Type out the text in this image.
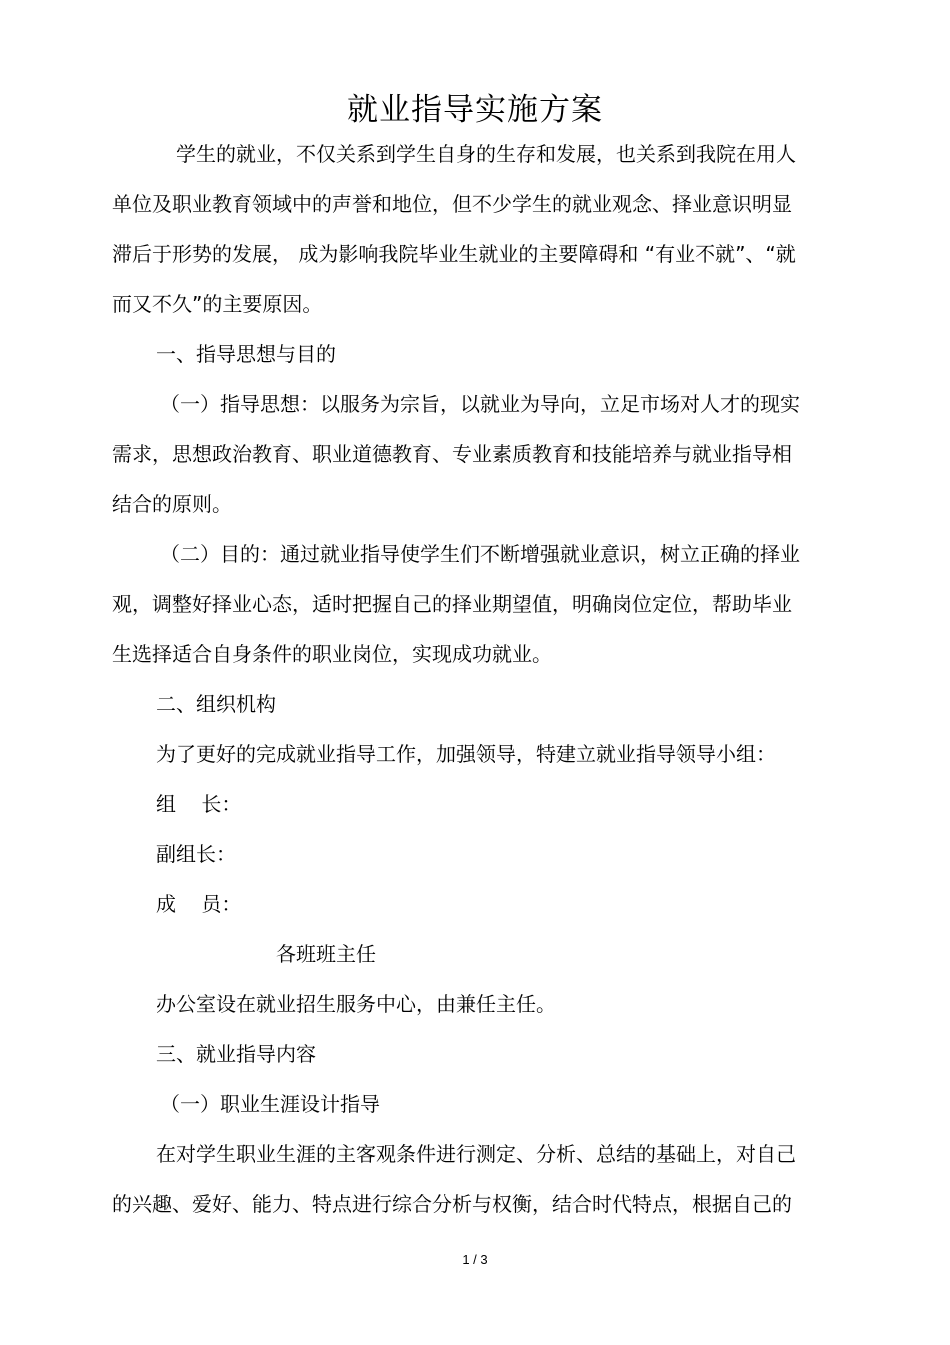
就业指导实施方案
学生的就业，不仅关系到学生自身的生存和发展，也关系到我院在用人
单位及职业教育领域中的声誉和地位，但不少学生的就业观念、择业意识明显
滞后于形势的发展， 成为影响我院毕业生就业的主要障碍和 “有业不就”、“就
而又不久”的主要原因。
一、指导思想与目的
（一）指导思想：以服务为宗旨，以就业为导向，立足市场对人才的现实
需求，思想政治教育、职业道德教育、专业素质教育和技能培养与就业指导相
结合的原则。
（二）目的：通过就业指导使学生们不断增强就业意识，树立正确的择业
观，调整好择业心态，适时把握自己的择业期望值，明确岗位定位，帮助毕业
生选择适合自身条件的职业岗位，实现成功就业。
二、组织机构
为了更好的完成就业指导工作，加强领导，特建立就业指导领导小组：
组    长：
副组长：
成    员：
各班班主任
办公室设在就业招生服务中心，由兼任主任。
三、就业指导内容
（一）职业生涯设计指导
在对学生职业生涯的主客观条件进行测定、分析、总结的基础上，对自己
的兴趣、爱好、能力、特点进行综合分析与权衡，结合时代特点，根据自己的
1 / 3
